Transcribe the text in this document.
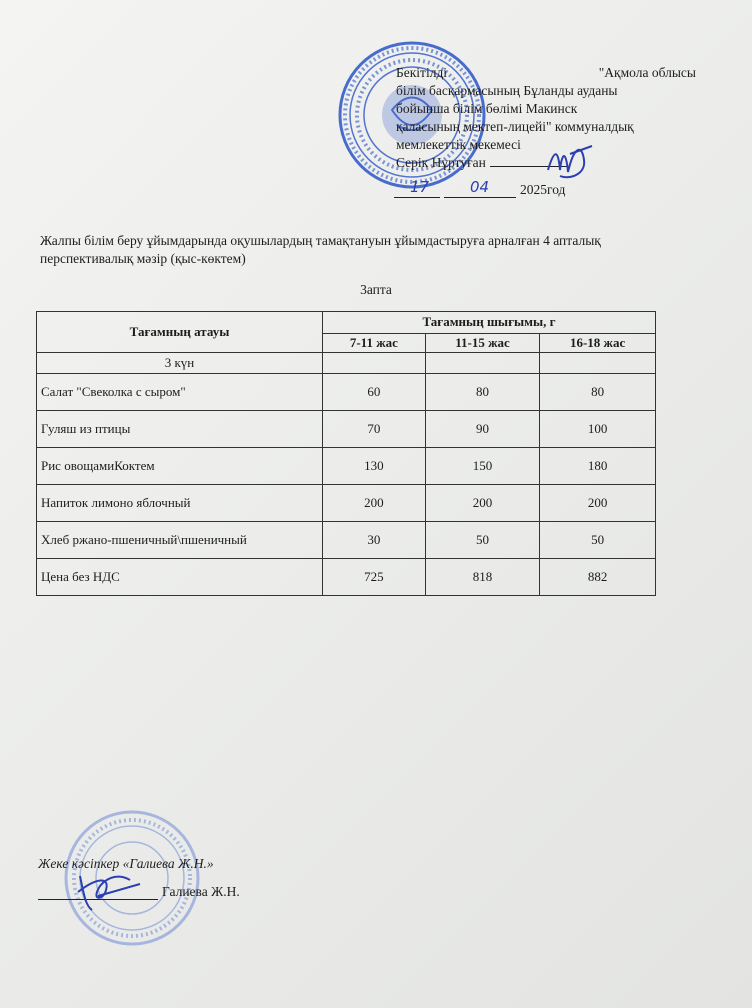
Бекітілді	"Ақмола облысы
білім басқармасының Бұланды ауданы
бойынша білім бөлімі Макинск
қаласының мектеп-лицейі" коммуналдық
мемлекеттік мекемесі
Серік Нұртуған
2025год
17	04
Жалпы білім беру ұйымдарында оқушылардың тамақтануын ұйымдастыруға арналған 4 апталық перспективалық мәзір (қыс-көктем)
3апта
Тағамның атауы	Тағамның шығымы, г		
	7-11 жас	11-15 жас	16-18 жас
3 күн			
Салат "Свеколка с сыром"	60	80	80
Гуляш из птицы	70	90	100
Рис овощамиКоктем	130	150	180
Напиток лимоно яблочный	200	200	200
Хлеб ржано-пшеничный\пшеничный	30	50	50
Цена без НДС	725	818	882
Жеке кәсіпкер «Галиева Ж.Н.»
Галиева Ж.Н.
